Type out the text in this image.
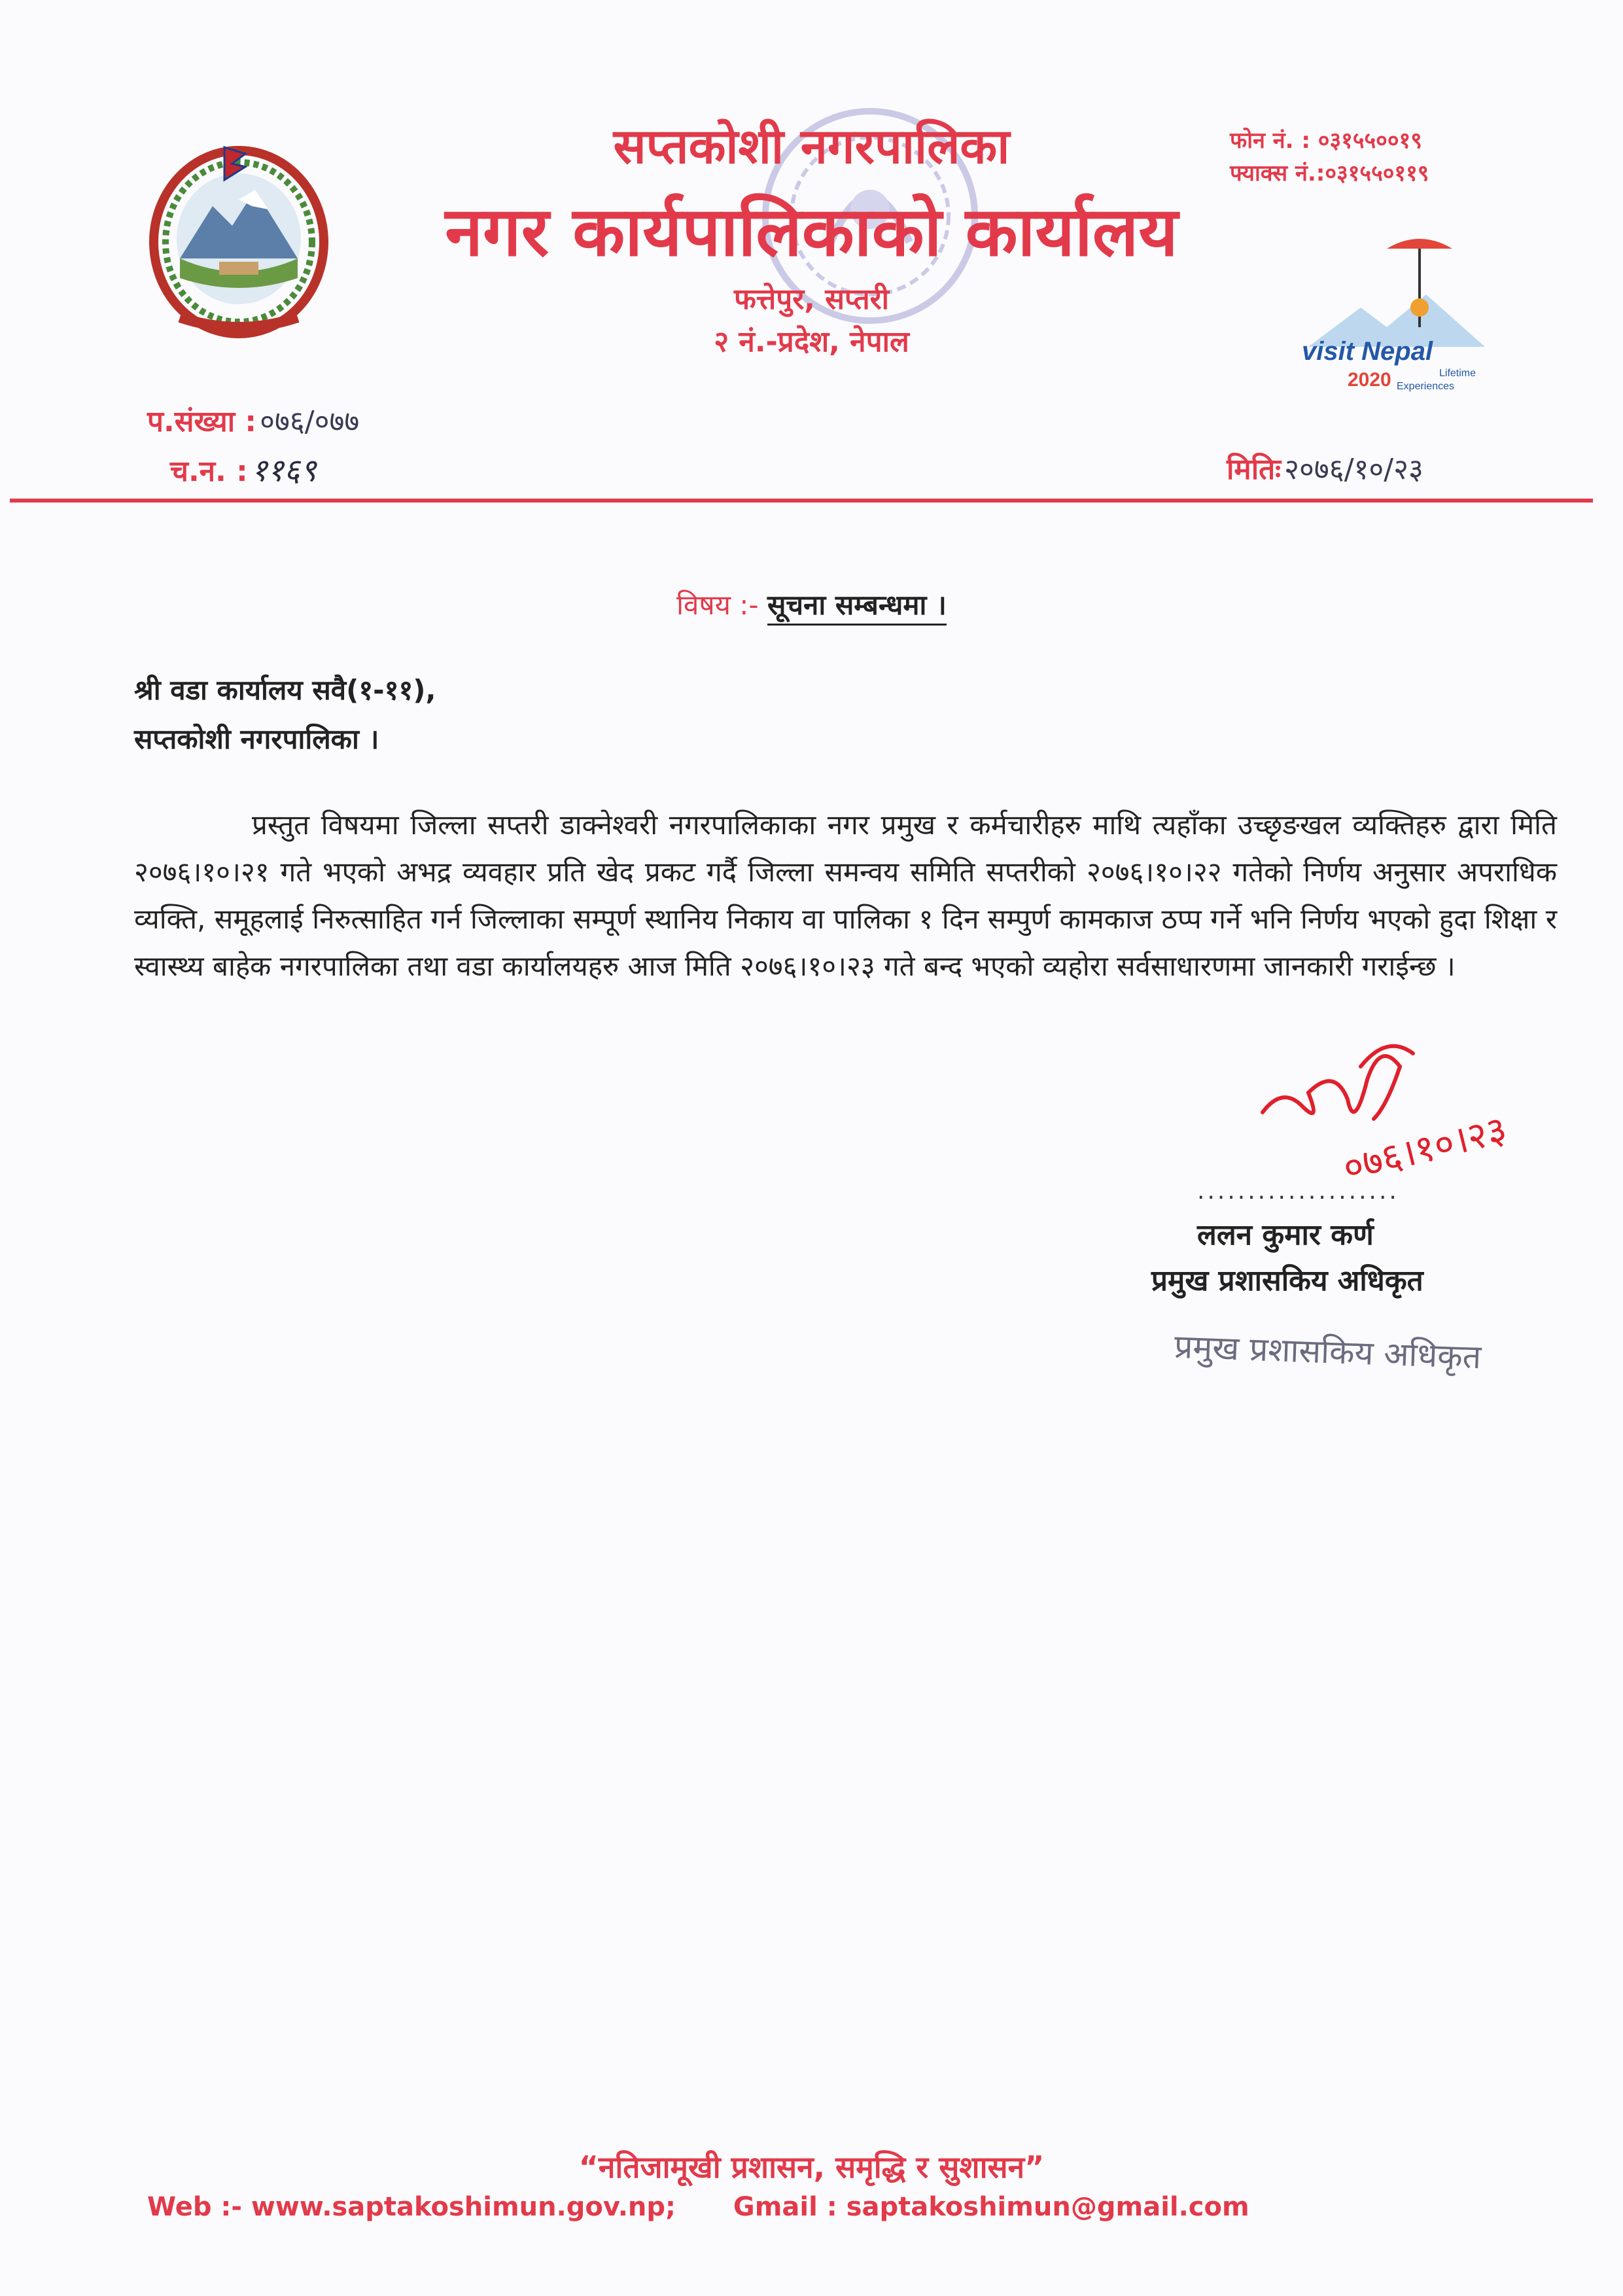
सप्तकोशी नगरपालिका
नगर कार्यपालिकाको कार्यालय
फत्तेपुर, सप्तरी
२ नं.-प्रदेश, नेपाल
फोन नं. : ०३१५५००१९
फ्याक्स नं.:०३१५५०११९
visit Nepal
2020	Lifetime
Experiences
प.संख्या : ०७६/०७७
च.न. : ११६९	मितिः २०७६/१०/२३
विषय :- सूचना सम्बन्धमा ।
श्री वडा कार्यालय सवै(१-११),
सप्तकोशी नगरपालिका ।
प्रस्तुत विषयमा जिल्ला सप्तरी डाक्नेश्वरी नगरपालिकाका नगर प्रमुख र कर्मचारीहरु माथि त्यहाँका उच्छृङखल व्यक्तिहरु द्वारा मिति २०७६।१०।२१ गते भएको अभद्र व्यवहार प्रति खेद प्रकट गर्दै जिल्ला समन्वय समिति सप्तरीको २०७६।१०।२२ गतेको निर्णय अनुसार अपराधिक व्यक्ति, समूहलाई निरुत्साहित गर्न जिल्लाका सम्पूर्ण स्थानिय निकाय वा पालिका १ दिन सम्पुर्ण कामकाज ठप्प गर्ने भनि निर्णय भएको हुदा शिक्षा र स्वास्थ्य बाहेक नगरपालिका तथा वडा कार्यालयहरु आज मिति २०७६।१०।२३ गते बन्द भएको व्यहोरा सर्वसाधारणमा जानकारी गराईन्छ ।
०७६।१०।२३
....................
ललन कुमार कर्ण
प्रमुख प्रशासकिय अधिकृत
प्रमुख प्रशासकिय अधिकृत
“नतिजामूखी प्रशासन, समृद्धि र सुशासन”
Web :- www.saptakoshimun.gov.np; Gmail : saptakoshimun@gmail.com
